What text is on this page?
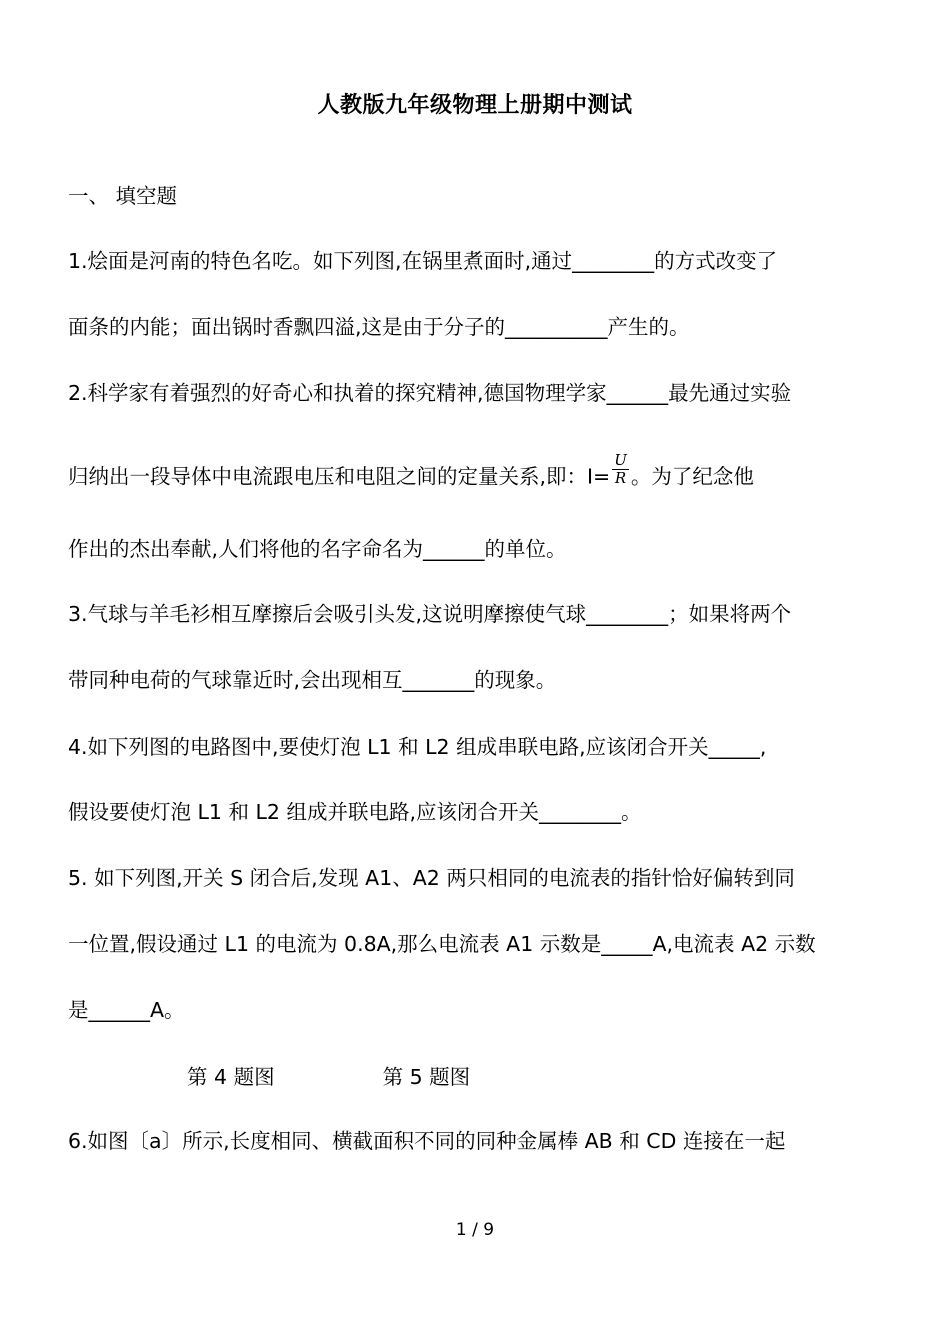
人教版九年级物理上册期中测试
一、 填空题
1.烩面是河南的特色名吃。如下列图,在锅里煮面时,通过________的方式改变了
面条的内能；面出锅时香飘四溢,这是由于分子的__________产生的。
2.科学家有着强烈的好奇心和执着的探究精神,德国物理学家______最先通过实验
归纳出一段导体中电流跟电压和电阻之间的定量关系,即：$I= \frac{U}{R}$ 。为了纪念他
作出的杰出奉献,人们将他的名字命名为______的单位。
3.气球与羊毛衫相互摩擦后会吸引头发,这说明摩擦使气球________；如果将两个
带同种电荷的气球靠近时,会出现相互_______的现象。
4.如下列图的电路图中,要使灯泡 L1 和 L2 组成串联电路,应该闭合开关_____,
假设要使灯泡 L1 和 L2 组成并联电路,应该闭合开关________。
5. 如下列图,开关 S 闭合后,发现 A1、A2 两只相同的电流表的指针恰好偏转到同
一位置,假设通过 L1 的电流为 0.8A,那么电流表 A1 示数是_____A,电流表 A2 示数
是______A。
第 4 题图	第 5 题图
6.如图〔a〕所示,长度相同、横截面积不同的同种金属棒 AB 和 CD 连接在一起
1 / 9
